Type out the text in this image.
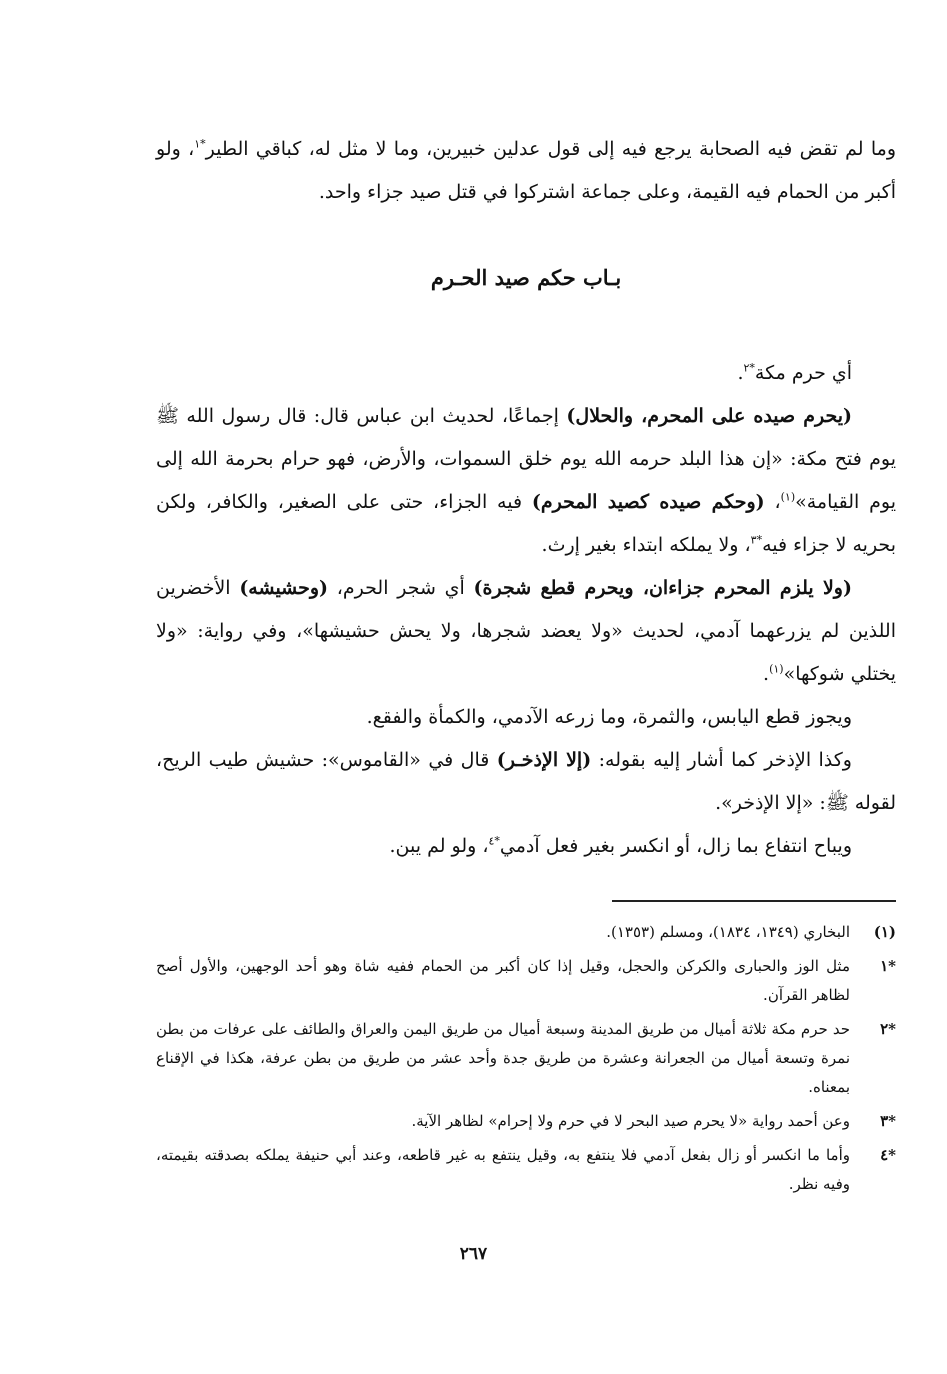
وما لم تقض فيه الصحابة يرجع فيه إلى قول عدلين خبيرين، وما لا مثل له، كباقي الطير$^{*١}$، ولو أكبر من الحمام فيه القيمة، وعلى جماعة اشتركوا في قتل صيد جزاء واحد.

بـاب حكم صيد الحـرم

أي حرم مكة$^{*٢}$.

(يحرم صيده على المحرم، والحلال) إجماعًا، لحديث ابن عباس قال: قال رسول الله ﷺ يوم فتح مكة: «إن هذا البلد حرمه الله يوم خلق السموات، والأرض، فهو حرام بحرمة الله إلى يوم القيامة»$^{(١)}$، (وحكم صيده كصيد المحرم) فيه الجزاء، حتى على الصغير، والكافر، ولكن بحريه لا جزاء فيه$^{*٣}$، ولا يملكه ابتداء بغير إرث.

(ولا يلزم المحرم جزاءان، ويحرم قطع شجرة) أي شجر الحرم، (وحشيشه) الأخضرين اللذين لم يزرعهما آدمي، لحديث «ولا يعضد شجرها، ولا يحش حشيشها»، وفي رواية: «ولا يختلي شوكها»$^{(١)}$.

ويجوز قطع اليابس، والثمرة، وما زرعه الآدمي، والكمأة والفقع.

وكذا الإذخر كما أشار إليه بقوله: (إلا الإذخـر) قال في «القاموس»: حشيش طيب الريح، لقوله ﷺ: «إلا الإذخر».

ويباح انتفاع بما زال، أو انكسر بغير فعل آدمي$^{*٤}$، ولو لم يبن.

(١)
البخاري (١٣٤٩، ١٨٣٤)، ومسلم (١٣٥٣).
*١
مثل الوز والحبارى والكركن والحجل، وقيل إذا كان أكبر من الحمام ففيه شاة وهو أحد الوجهين، والأول أصح لظاهر القرآن.
*٢
حد حرم مكة ثلاثة أميال من طريق المدينة وسبعة أميال من طريق اليمن والعراق والطائف على عرفات من بطن نمرة وتسعة أميال من الجعرانة وعشرة من طريق جدة وأحد عشر من طريق من بطن عرفة، هكذا في الإقناع بمعناه.
*٣
وعن أحمد رواية «لا يحرم صيد البحر لا في حرم ولا إحرام» لظاهر الآية.
*٤
وأما ما انكسر أو زال بفعل آدمي فلا ينتفع به، وقيل ينتفع به غير قاطعه، وعند أبي حنيفة يملكه بصدقته بقيمته، وفيه نظر.
٢٦٧
